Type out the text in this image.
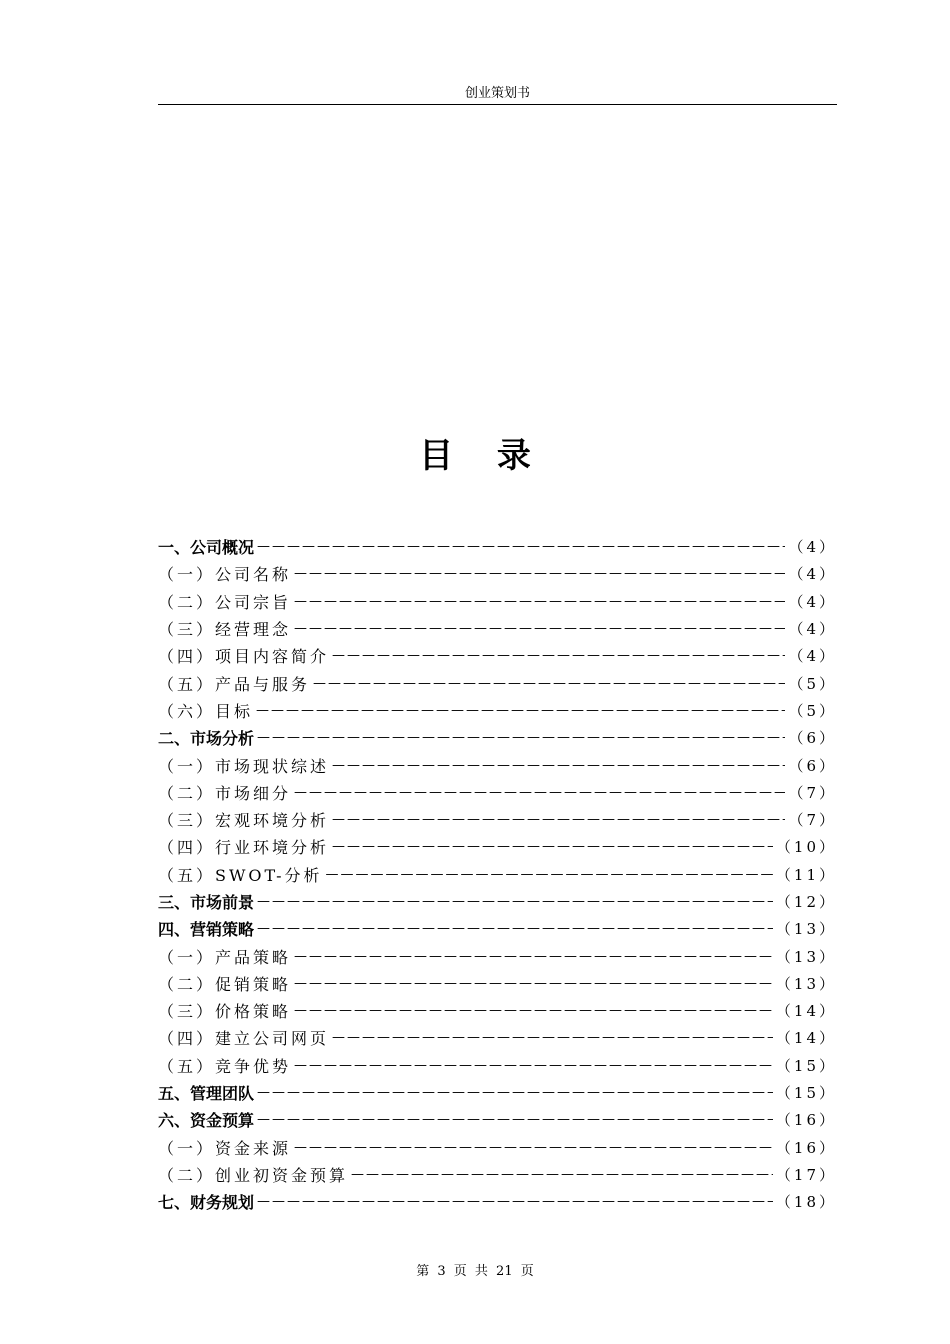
创业策划书
目 录
一、公司概况 —————	（4）
（一）公司名称 —————	（4）
（二）公司宗旨 —————	（4）
（三）经营理念 —————	（4）
（四）项目内容简介 —————	（4）
（五）产品与服务 —————	（5）
（六）目标 —————	（5）
二、市场分析 —————	（6）
（一）市场现状综述 —————	（6）
（二）市场细分 —————	（7）
（三）宏观环境分析 —————	（7）
（四）行业环境分析 —————	（10）
（五）SWOT-分析 —————	（11）
三、市场前景 —————	（12）
四、营销策略 —————	（13）
（一）产品策略 —————	（13）
（二）促销策略 —————	（13）
（三）价格策略 —————	（14）
（四）建立公司网页 —————	（14）
（五）竞争优势 —————	（15）
五、管理团队 —————	（15）
六、资金预算 —————	（16）
（一）资金来源 —————	（16）
（二）创业初资金预算 —————	（17）
七、财务规划 —————	（18）
第 3 页 共 21 页
